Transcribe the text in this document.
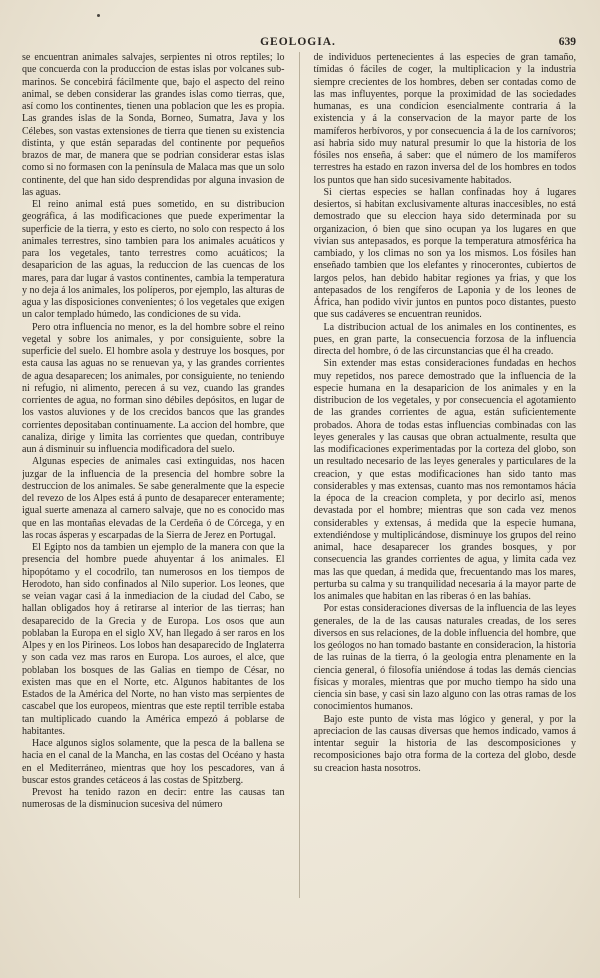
GEOLOGIA.	639

se encuentran animales salvajes, serpientes ni otros reptiles; lo que concuerda con la produccion de estas islas por volcanes sub-marinos. Se concebirá fácilmente que, bajo el aspecto del reino animal, se deben considerar las grandes islas como tierras, que, así como los continentes, tienen una poblacion que les es propia. Las grandes islas de la Sonda, Borneo, Sumatra, Java y los Célebes, son vastas extensiones de tierra que tienen su existencia distinta, y que están separadas del continente por pequeños brazos de mar, de manera que se podrian considerar estas islas como si no formasen con la península de Malaca mas que un solo continente, del que han sido desprendidas por alguna invasion de las aguas.

El reino animal está pues sometido, en su distribucion geográfica, á las modificaciones que puede experimentar la superficie de la tierra, y esto es cierto, no solo con respecto á los animales terrestres, sino tambien para los animales acuáticos y para los vegetales, tanto terrestres como acuáticos; la desaparicion de las aguas, la reduccion de las cuencas de los mares, para dar lugar á vastos continentes, cambia la temperatura y no deja á los animales, los políperos, por ejemplo, las alturas de agua y las disposiciones convenientes; ó los vegetales que exigen un calor templado húmedo, las condiciones de su vida.

Pero otra influencia no menor, es la del hombre sobre el reino vegetal y sobre los animales, y por consiguiente, sobre la superficie del suelo. El hombre asola y destruye los bosques, por esta causa las aguas no se renuevan ya, y las grandes corrientes de agua desaparecen; los animales, por consiguiente, no teniendo ni refugio, ni alimento, perecen á su vez, cuando las grandes corrientes de agua, no forman sino débiles depósitos, en lugar de los vastos aluviones y de los crecidos bancos que las grandes corrientes depositaban continuamente. La accion del hombre, que canaliza, dirige y limita las corrientes que quedan, contribuye aun á disminuir su influencia modificadora del suelo.

Algunas especies de animales casi extinguidas, nos hacen juzgar de la influencia de la presencia del hombre sobre la destruccion de los animales. Se sabe generalmente que la especie del revezo de los Alpes está á punto de desaparecer enteramente; igual suerte amenaza al carnero salvaje, que no es conocido mas que en las montañas elevadas de la Cerdeña ó de Córcega, y en las rocas ásperas y escarpadas de la Sierra de Jerez en Portugal.

El Egipto nos da tambien un ejemplo de la manera con que la presencia del hombre puede ahuyentar á los animales. El hipopótamo y el cocodrilo, tan numerosos en los tiempos de Herodoto, han sido confinados al Nilo superior. Los leones, que se veian vagar casi á la inmediacion de la ciudad del Cabo, se hallan obligados hoy á retirarse al interior de las tierras; han desaparecido de la Grecia y de Europa. Los osos que aun poblaban la Europa en el siglo XV, han llegado á ser raros en los Alpes y en los Pirineos. Los lobos han desaparecido de Inglaterra y son cada vez mas raros en Europa. Los auroes, el alce, que poblaban los bosques de las Galias en tiempo de César, no existen mas que en el Norte, etc. Algunos habitantes de los Estados de la América del Norte, no han visto mas serpientes de cascabel que los europeos, mientras que este reptil terrible estaba tan multiplicado cuando la América empezó á poblarse de habitantes.

Hace algunos siglos solamente, que la pesca de la ballena se hacia en el canal de la Mancha, en las costas del Océano y hasta en el Mediterráneo, mientras que hoy los pescadores, van á buscar estos grandes cetáceos á las costas de Spitzberg.

Prevost ha tenido razon en decir: entre las causas tan numerosas de la disminucion sucesiva del número

de individuos pertenecientes á las especies de gran tamaño, tímidas ó fáciles de coger, la multiplicacion y la industria siempre crecientes de los hombres, deben ser contadas como de las mas influyentes, porque la proximidad de las sociedades humanas, es una condicion esencialmente contraria á la existencia y á la conservacion de la mayor parte de los mamíferos herbívoros, y por consecuencia á la de los carnívoros; así habria sido muy natural presumir lo que la historia de los fósiles nos enseña, á saber: que el número de los mamíferos terrestres ha estado en razon inversa del de los hombres en todos los puntos que han sido sucesivamente habitados.

Si ciertas especies se hallan confinadas hoy á lugares desiertos, si habitan exclusivamente alturas inaccesibles, no está demostrado que su eleccion haya sido determinada por su organizacion, ó bien que sino ocupan ya los lugares en que vivian sus antepasados, es porque la temperatura atmosférica ha cambiado, y los climas no son ya los mismos. Los fósiles han enseñado tambien que los elefantes y rinocerontes, cubiertos de largos pelos, han debido habitar regiones ya frias, y que los antepasados de los rengíferos de Laponia y de los leones de África, han podido vivir juntos en puntos poco distantes, puesto que sus cadáveres se encuentran reunidos.

La distribucion actual de los animales en los continentes, es pues, en gran parte, la consecuencia forzosa de la influencia directa del hombre, ó de las circunstancias que él ha creado.

Sin extender mas estas consideraciones fundadas en hechos muy repetidos, nos parece demostrado que la influencia de la especie humana en la desaparicion de los animales y en la distribucion de los vegetales, y por consecuencia el agotamiento de las grandes corrientes de agua, están suficientemente probados. Ahora de todas estas influencias combinadas con las leyes generales y las causas que obran actualmente, resulta que las modificaciones experimentadas por la corteza del globo, son un resultado necesario de las leyes generales y particulares de la creacion, y que estas modificaciones han sido tanto mas considerables y mas extensas, cuanto mas nos remontamos hácia la época de la creacion completa, y por decirlo así, menos devastada por el hombre; mientras que son cada vez menos considerables y extensas, á medida que la especie humana, extendiéndose y multiplicándose, disminuye los grupos del reino animal, hace desaparecer los grandes bosques, y por consecuencia las grandes corrientes de agua, y limita cada vez mas las que quedan, á medida que, frecuentando mas los mares, perturba su calma y su tranquilidad necesaria á la mayor parte de los animales que habitan en las riberas ó en las bahías.

Por estas consideraciones diversas de la influencia de las leyes generales, de la de las causas naturales creadas, de los seres diversos en sus relaciones, de la doble influencia del hombre, que los geólogos no han tomado bastante en consideracion, la historia de las ruinas de la tierra, ó la geologia entra plenamente en la ciencia general, ó filosofía uniéndose á todas las demás ciencias físicas y morales, mientras que por mucho tiempo ha sido una ciencia sin base, y casi sin lazo alguno con las otras ramas de los conocimientos humanos.

Bajo este punto de vista mas lógico y general, y por la apreciacion de las causas diversas que hemos indicado, vamos á intentar seguir la historia de las descomposiciones y recomposiciones bajo otra forma de la corteza del globo, desde su creacion hasta nosotros.
